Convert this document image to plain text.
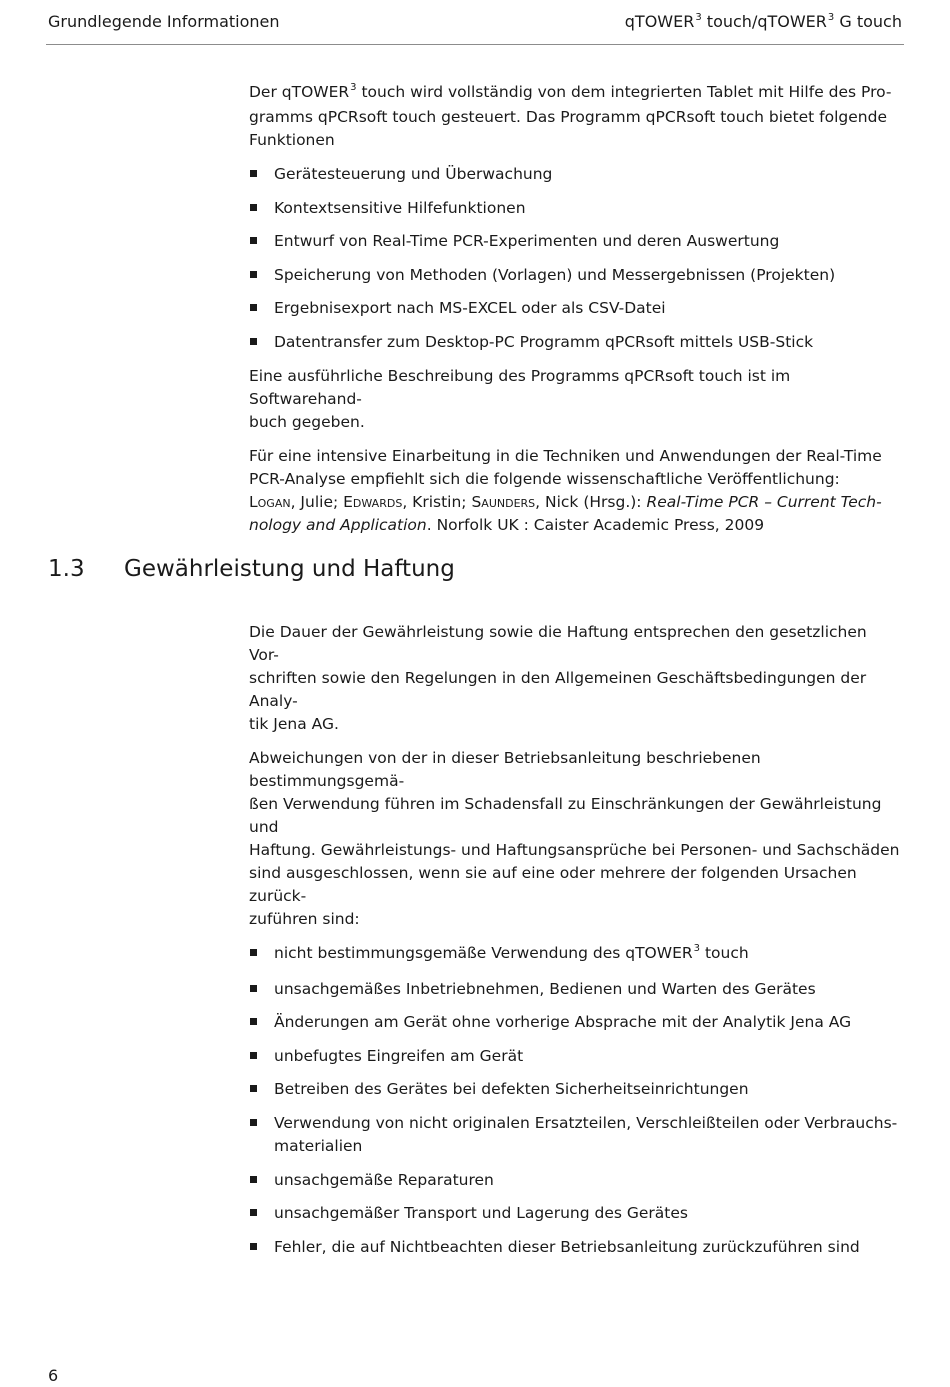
Grundlegende Informationen	qTOWER$^3$ touch/qTOWER$^3$ G touch

Der qTOWER$^3$ touch wird vollständig von dem integrierten Tablet mit Hilfe des Pro-
gramms qPCRsoft touch gesteuert. Das Programm qPCRsoft touch bietet folgende
Funktionen

Gerätesteuerung und Überwachung
Kontextsensitive Hilfefunktionen
Entwurf von Real-Time PCR-Experimenten und deren Auswertung
Speicherung von Methoden (Vorlagen) und Messergebnissen (Projekten)
Ergebnisexport nach MS-EXCEL oder als CSV-Datei
Datentransfer zum Desktop-PC Programm qPCRsoft mittels USB-Stick

Eine ausführliche Beschreibung des Programms qPCRsoft touch ist im Softwarehand-
buch gegeben.

Für eine intensive Einarbeitung in die Techniken und Anwendungen der Real-Time
PCR-Analyse empfiehlt sich die folgende wissenschaftliche Veröffentlichung:
Logan, Julie; Edwards, Kristin; Saunders, Nick (Hrsg.): Real-Time PCR – Current Tech-
nology and Application. Norfolk UK : Caister Academic Press, 2009

1.3 Gewährleistung und Haftung

Die Dauer der Gewährleistung sowie die Haftung entsprechen den gesetzlichen Vor-
schriften sowie den Regelungen in den Allgemeinen Geschäftsbedingungen der Analy-
tik Jena AG.

Abweichungen von der in dieser Betriebsanleitung beschriebenen bestimmungsgemä-
ßen Verwendung führen im Schadensfall zu Einschränkungen der Gewährleistung und
Haftung. Gewährleistungs- und Haftungsansprüche bei Personen- und Sachschäden
sind ausgeschlossen, wenn sie auf eine oder mehrere der folgenden Ursachen zurück-
zuführen sind:

nicht bestimmungsgemäße Verwendung des qTOWER$^3$ touch
unsachgemäßes Inbetriebnehmen, Bedienen und Warten des Gerätes
Änderungen am Gerät ohne vorherige Absprache mit der Analytik Jena AG
unbefugtes Eingreifen am Gerät
Betreiben des Gerätes bei defekten Sicherheitseinrichtungen
Verwendung von nicht originalen Ersatzteilen, Verschleißteilen oder Verbrauchs-
materialien
unsachgemäße Reparaturen
unsachgemäßer Transport und Lagerung des Gerätes
Fehler, die auf Nichtbeachten dieser Betriebsanleitung zurückzuführen sind
6
